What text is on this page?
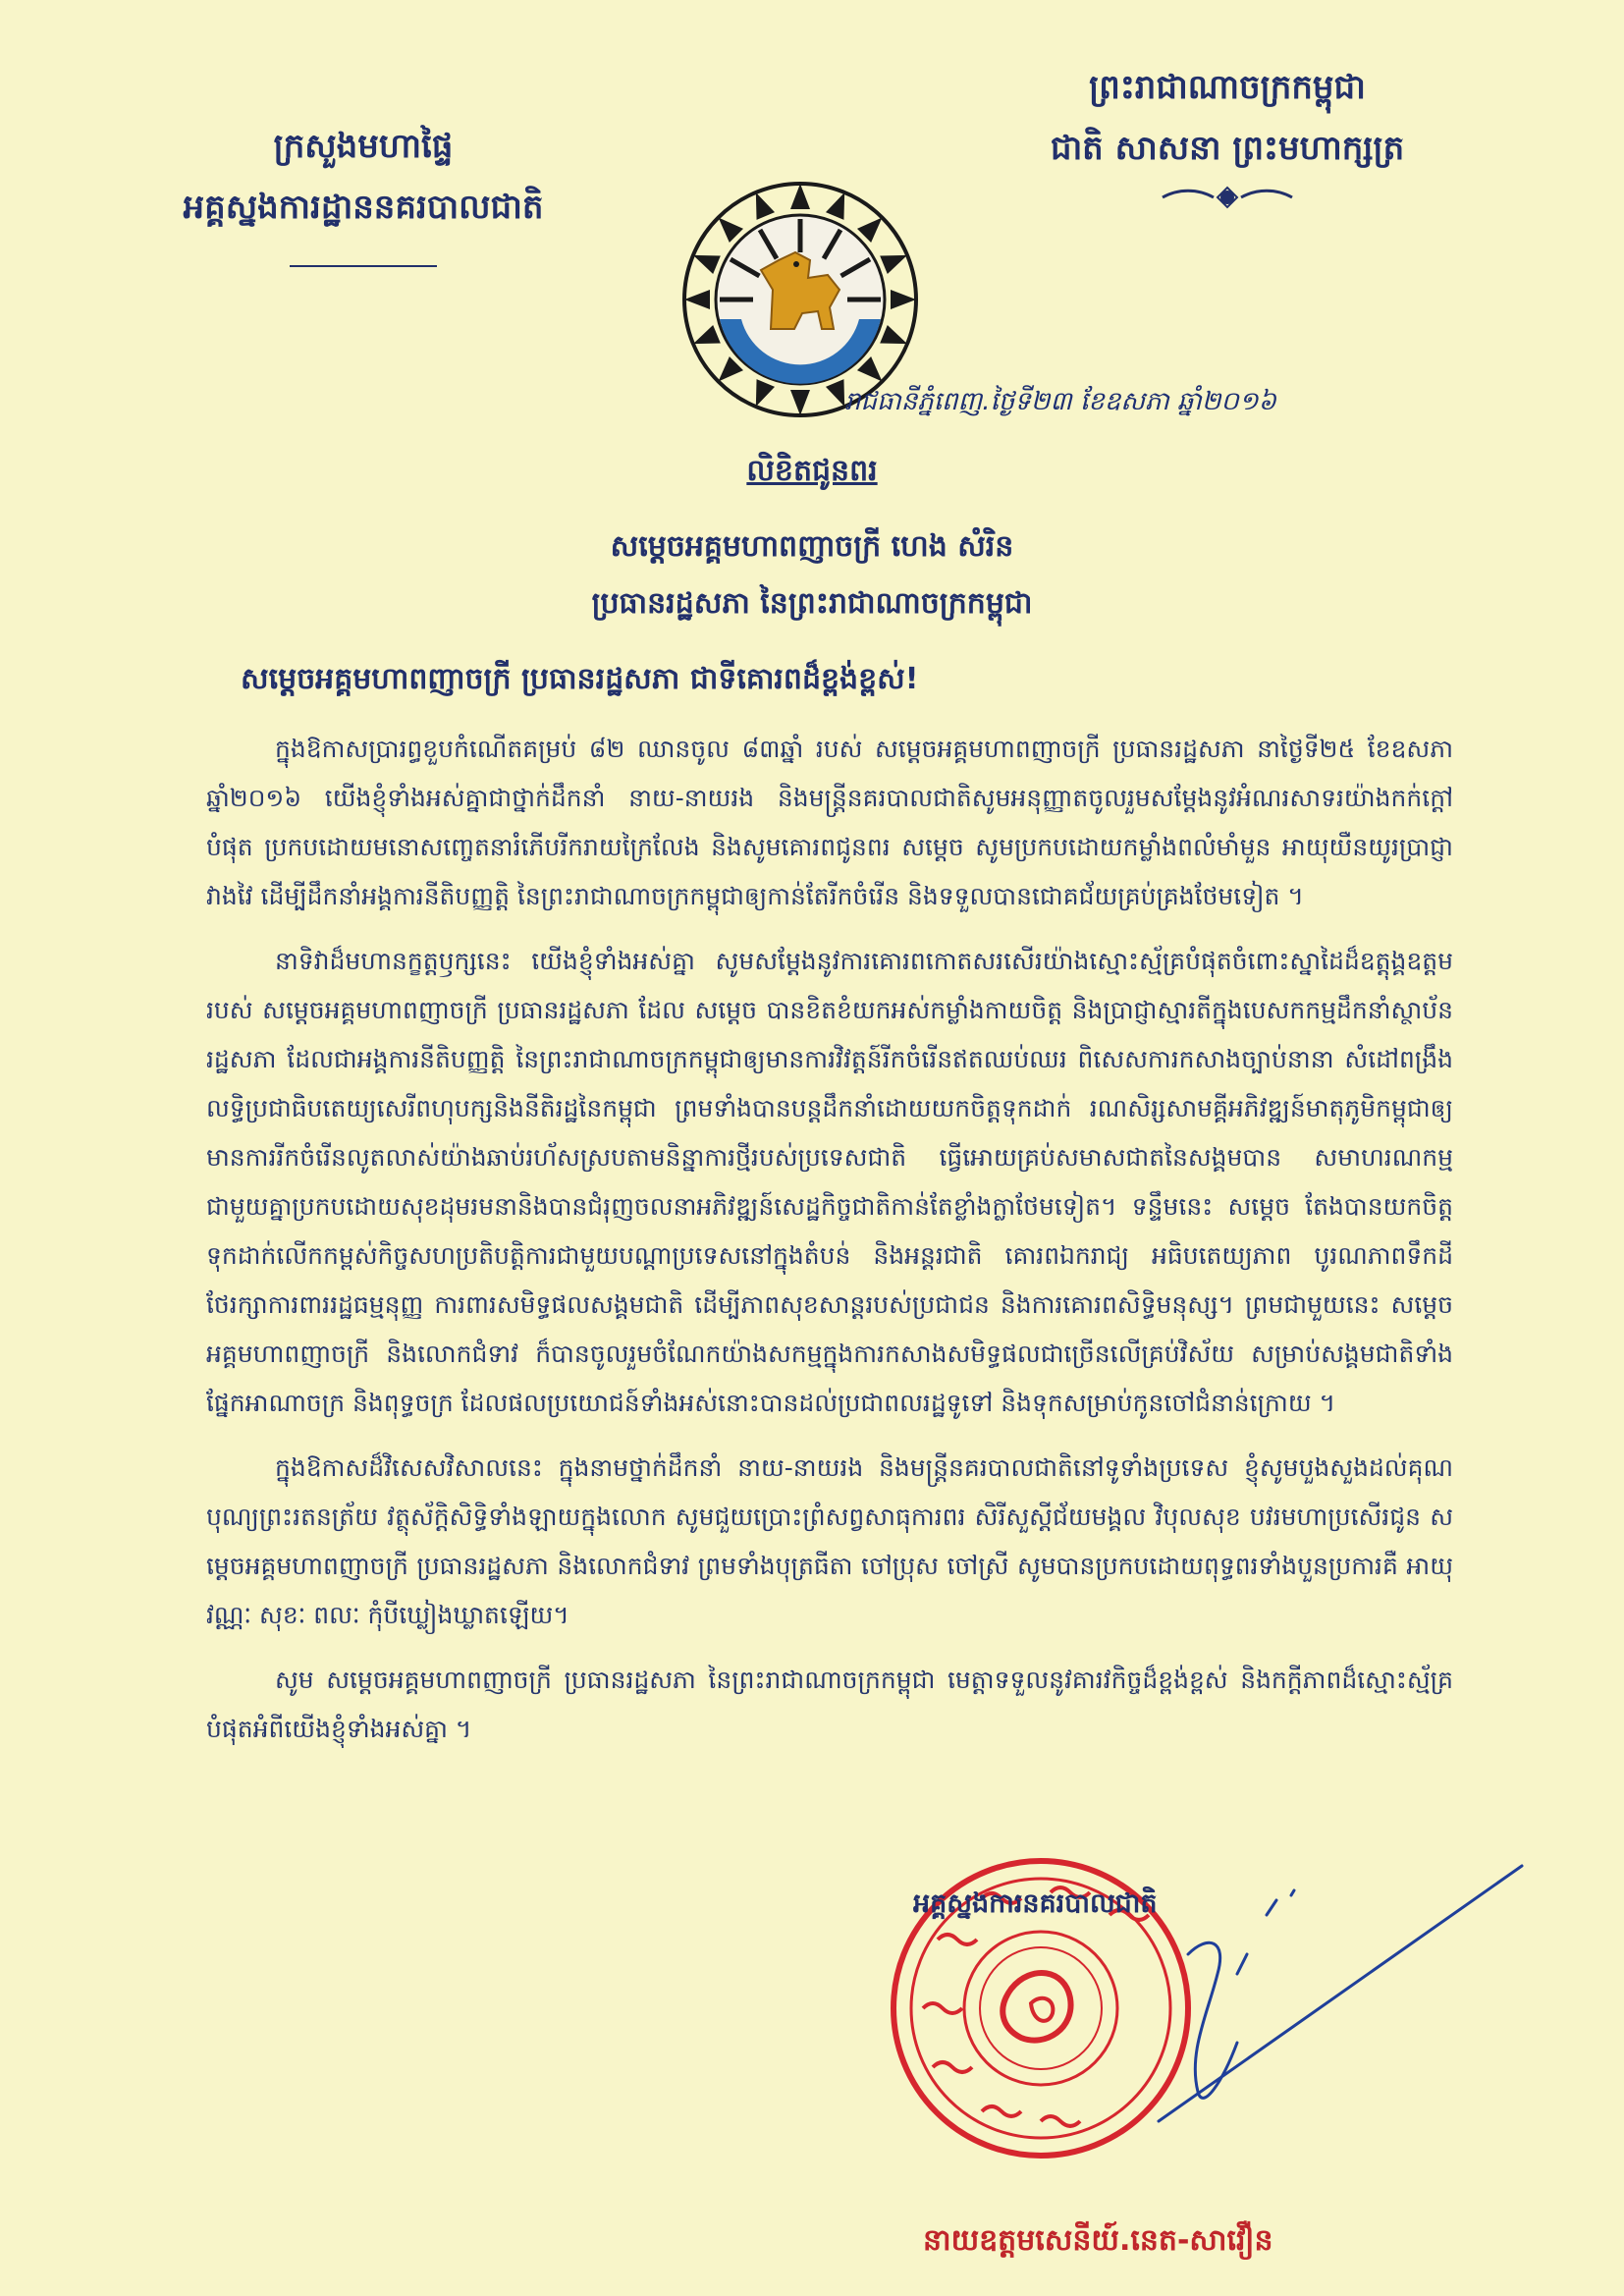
ក្រសួងមហាផ្ទៃ
អគ្គស្នងការដ្ឋាននគរបាលជាតិ
ព្រះរាជាណាចក្រកម្ពុជា
ជាតិ សាសនា ព្រះមហាក្សត្រ
រាជធានីភ្នំពេញ.ថ្ងៃទី២៣ ខែឧសភា ឆ្នាំ២០១៦
លិខិតជូនពរ
សម្តេចអគ្គមហាពញាចក្រី ហេង សំរិន
ប្រធានរដ្ឋសភា នៃព្រះរាជាណាចក្រកម្ពុជា
សម្តេចអគ្គមហាពញាចក្រី ប្រធានរដ្ឋសភា ជាទីគោរពដ៏ខ្ពង់ខ្ពស់!

ក្នុងឱកាសប្រារព្ធខួបកំណើតគម្រប់ ៨២ ឈានចូល ៨៣ឆ្នាំ របស់ សម្តេចអគ្គមហាពញាចក្រី ប្រធានរដ្ឋសភា នាថ្ងៃទី២៥ ខែឧសភា ឆ្នាំ២០១៦ យើងខ្ញុំទាំងអស់គ្នាជាថ្នាក់ដឹកនាំ នាយ-នាយរង និងមន្ត្រីនគរបាលជាតិសូមអនុញ្ញាតចូលរួមសម្តែងនូវអំណរសាទរយ៉ាងកក់ក្តៅបំផុត ប្រកបដោយមនោសញ្ចេតនារំភើបរីករាយក្រៃលែង និងសូមគោរពជូនពរ សម្តេច សូមប្រកបដោយកម្លាំងពលំមាំមួន អាយុយឺនយូរប្រាជ្ញាវាងវៃ ដើម្បីដឹកនាំអង្គការនីតិបញ្ញត្តិ នៃព្រះរាជាណាចក្រកម្ពុជាឲ្យកាន់តែរីកចំរើន និងទទួលបានជោគជ័យគ្រប់គ្រងថែមទៀត ។

នាទិវាដ៏មហានក្ខត្តឫក្សនេះ យើងខ្ញុំទាំងអស់គ្នា សូមសម្តែងនូវការគោរពកោតសរសើរយ៉ាងស្មោះស្ម័គ្រ​បំផុតចំពោះស្នាដៃដ៏ឧត្តុង្គឧត្តមរបស់ សម្តេចអគ្គមហាពញាចក្រី ប្រធានរដ្ឋសភា ដែល សម្តេច បានខិតខំយកអស់កម្លាំងកាយចិត្ត និងប្រាជ្ញាស្មារតីក្នុងបេសកកម្មដឹកនាំស្ថាប័នរដ្ឋសភា ដែលជាអង្គការនីតិបញ្ញត្តិ នៃព្រះរាជាណាចក្រកម្ពុជាឲ្យមានការវិវត្តន៍រីកចំរើនឥតឈប់ឈរ ពិសេសការកសាងច្បាប់នានា សំដៅពង្រឹងលទ្ធិប្រជាធិបតេយ្យសេរីពហុបក្សនិងនីតិរដ្ឋនៃកម្ពុជា ព្រមទាំងបានបន្តដឹកនាំដោយយកចិត្តទុកដាក់ រណសិរ្សសាមគ្គីអភិវឌ្ឍន៍មាតុភូមិកម្ពុជាឲ្យមានការរីកចំរើនលូតលាស់យ៉ាងឆាប់រហ័សស្របតាមនិន្នាការថ្មីរបស់ប្រទេសជាតិ ធ្វើអោយគ្រប់សមាសជាតនៃសង្គមបាន សមាហរណកម្មជាមួយគ្នាប្រកបដោយសុខដុមរមនានិងបានជំរុញចលនាអភិវឌ្ឍន៍សេដ្ឋកិច្ចជាតិកាន់តែខ្លាំងក្លាថែមទៀត។ ទន្ទឹមនេះ សម្តេច តែងបានយកចិត្តទុកដាក់លើកកម្ពស់កិច្ចសហប្រតិបត្តិការជាមួយបណ្តាប្រទេសនៅក្នុងតំបន់ និងអន្តរជាតិ គោរពឯករាជ្យ អធិបតេយ្យភាព បូរណភាពទឹកដី ថែរក្សាការពាររដ្ឋធម្មនុញ្ញ ការពារសមិទ្ធផលសង្គមជាតិ ដើម្បីភាពសុខសាន្តរបស់ប្រជាជន និងការគោរពសិទ្ធិមនុស្ស។ ព្រមជាមួយនេះ សម្តេចអគ្គមហាពញាចក្រី និងលោកជំទាវ ក៏បានចូលរួមចំណែកយ៉ាងសកម្មក្នុងការកសាងសមិទ្ធផលជាច្រើនលើគ្រប់វិស័យ សម្រាប់សង្គមជាតិទាំងផ្នែកអាណាចក្រ និងពុទ្ធចក្រ ដែលផលប្រយោជន៍ទាំងអស់នោះបានដល់ប្រជាពលរដ្ឋទូទៅ និងទុកសម្រាប់កូនចៅជំនាន់ក្រោយ ។

ក្នុងឱកាសដ៏វិសេសវិសាលនេះ ក្នុងនាមថ្នាក់ដឹកនាំ នាយ-នាយរង និងមន្ត្រីនគរបាលជាតិនៅទូទាំងប្រទេស ខ្ញុំសូមបួងសួងដល់គុណបុណ្យព្រះរតនត្រ័យ វត្ថុស័ក្តិសិទ្ធិទាំងឡាយក្នុងលោក សូមជួយប្រោះព្រំសព្វសាធុការពរ សិរីសួស្តីជ័យមង្គល វិបុលសុខ បវរមហាប្រសើរជូន សម្តេចអគ្គមហាពញាចក្រី ប្រធានរដ្ឋសភា និងលោកជំទាវ ព្រមទាំងបុត្រធីតា ចៅប្រុស ចៅស្រី សូមបានប្រកបដោយពុទ្ធពរទាំងបួនប្រការគឺ អាយុ វណ្ណៈ សុខៈ ពលៈ កុំបីឃ្លៀងឃ្លាតឡើយ។

សូម សម្តេចអគ្គមហាពញាចក្រី ប្រធានរដ្ឋសភា នៃព្រះរាជាណាចក្រកម្ពុជា មេត្តាទទួលនូវគារវកិច្ចដ៏ខ្ពង់ខ្ពស់ និងកក្តីភាពដ៏ស្មោះស្ម័គ្របំផុតអំពីយើងខ្ញុំទាំងអស់គ្នា ។

អគ្គស្នងការនគរបាលជាតិ
នាយឧត្តមសេនីយ៍.នេត-សាវឿន
